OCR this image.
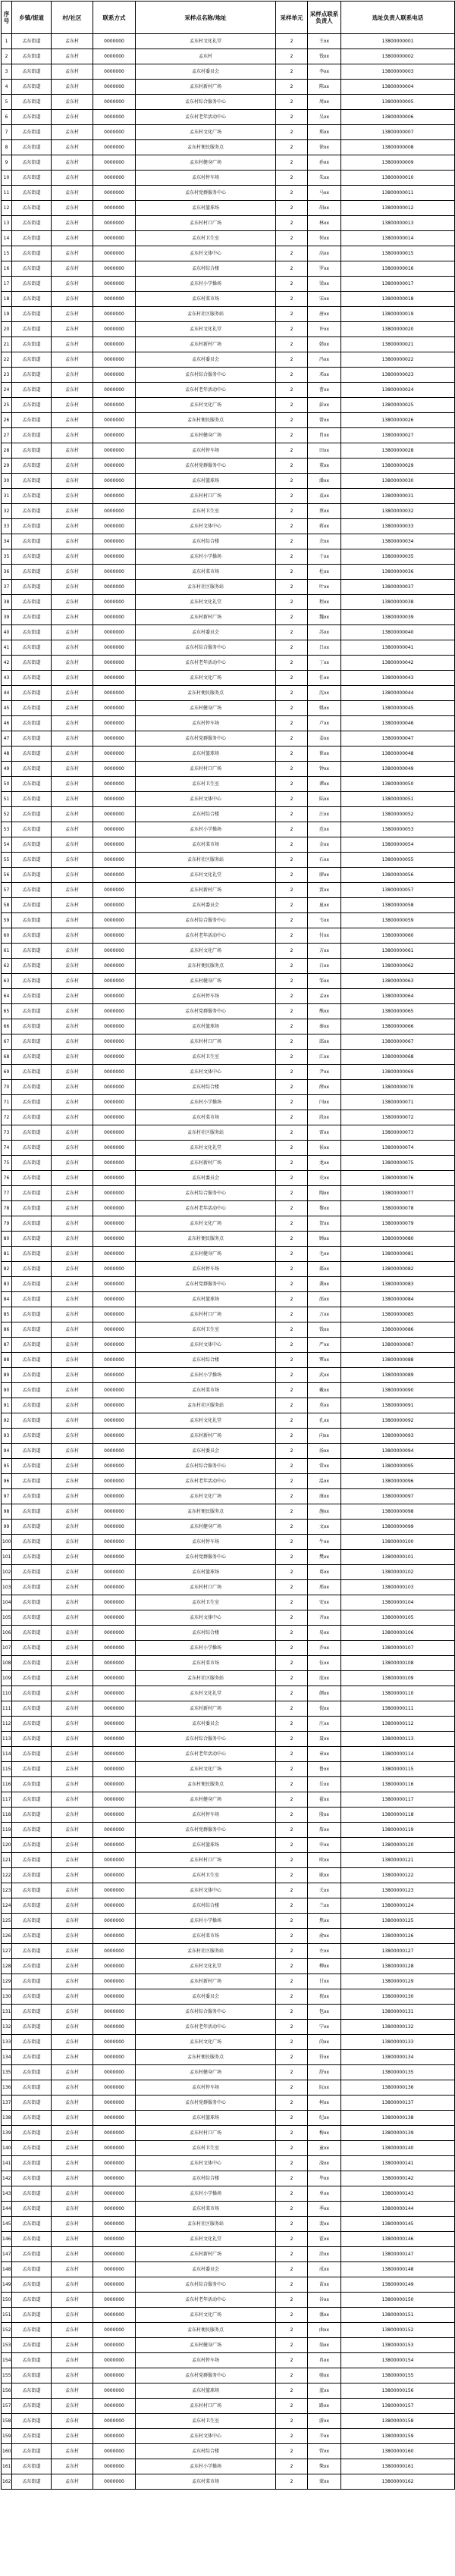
序号	乡镇/街道	村/社区	联系方式	采样点名称/地址	采样单元	采样点联系负责人	选址负责人联系电话
1	孟东街道	孟东村	0000000	孟东村文化礼堂	2	王xx	13800000001
2	孟东街道	孟东村	0000000	孟东村	2	钱xx	13800000002
3	孟东街道	孟东村	0000000	孟东村委员会	2	李xx	13800000003
4	孟东街道	孟东村	0000000	孟东村新村广场	2	陈xx	13800000004
5	孟东街道	孟东村	0000000	孟东村综合服务中心	2	周xx	13800000005
6	孟东街道	孟东村	0000000	孟东村老年活动中心	2	吴xx	13800000006
7	孟东街道	孟东村	0000000	孟东村文化广场	2	郑xx	13800000007
8	孟东街道	孟东村	0000000	孟东村便民服务点	2	徐xx	13800000008
9	孟东街道	孟东村	0000000	孟东村健身广场	2	孙xx	13800000009
10	孟东街道	孟东村	0000000	孟东村停车场	2	朱xx	13800000010
11	孟东街道	孟东村	0000000	孟东村党群服务中心	2	马xx	13800000011
12	孟东街道	孟东村	0000000	孟东村篮球场	2	胡xx	13800000012
13	孟东街道	孟东村	0000000	孟东村村口广场	2	林xx	13800000013
14	孟东街道	孟东村	0000000	孟东村卫生室	2	何xx	13800000014
15	孟东街道	孟东村	0000000	孟东村文体中心	2	高xx	13800000015
16	孟东街道	孟东村	0000000	孟东村综合楼	2	罗xx	13800000016
17	孟东街道	孟东村	0000000	孟东村小学操场	2	梁xx	13800000017
18	孟东街道	孟东村	0000000	孟东村菜市场	2	宋xx	13800000018
19	孟东街道	孟东村	0000000	孟东村社区服务站	2	唐xx	13800000019
20	孟东街道	孟东村	0000000	孟东村文化礼堂	2	许xx	13800000020
21	孟东街道	孟东村	0000000	孟东村新村广场	2	韩xx	13800000021
22	孟东街道	孟东村	0000000	孟东村委员会	2	冯xx	13800000022
23	孟东街道	孟东村	0000000	孟东村综合服务中心	2	邓xx	13800000023
24	孟东街道	孟东村	0000000	孟东村老年活动中心	2	曹xx	13800000024
25	孟东街道	孟东村	0000000	孟东村文化广场	2	彭xx	13800000025
26	孟东街道	孟东村	0000000	孟东村便民服务点	2	曾xx	13800000026
27	孟东街道	孟东村	0000000	孟东村健身广场	2	肖xx	13800000027
28	孟东街道	孟东村	0000000	孟东村停车场	2	田xx	13800000028
29	孟东街道	孟东村	0000000	孟东村党群服务中心	2	董xx	13800000029
30	孟东街道	孟东村	0000000	孟东村篮球场	2	潘xx	13800000030
31	孟东街道	孟东村	0000000	孟东村村口广场	2	袁xx	13800000031
32	孟东街道	孟东村	0000000	孟东村卫生室	2	蔡xx	13800000032
33	孟东街道	孟东村	0000000	孟东村文体中心	2	蒋xx	13800000033
34	孟东街道	孟东村	0000000	孟东村综合楼	2	余xx	13800000034
35	孟东街道	孟东村	0000000	孟东村小学操场	2	于xx	13800000035
36	孟东街道	孟东村	0000000	孟东村菜市场	2	杜xx	13800000036
37	孟东街道	孟东村	0000000	孟东村社区服务站	2	叶xx	13800000037
38	孟东街道	孟东村	0000000	孟东村文化礼堂	2	程xx	13800000038
39	孟东街道	孟东村	0000000	孟东村新村广场	2	魏xx	13800000039
40	孟东街道	孟东村	0000000	孟东村委员会	2	苏xx	13800000040
41	孟东街道	孟东村	0000000	孟东村综合服务中心	2	吕xx	13800000041
42	孟东街道	孟东村	0000000	孟东村老年活动中心	2	丁xx	13800000042
43	孟东街道	孟东村	0000000	孟东村文化广场	2	任xx	13800000043
44	孟东街道	孟东村	0000000	孟东村便民服务点	2	沈xx	13800000044
45	孟东街道	孟东村	0000000	孟东村健身广场	2	姚xx	13800000045
46	孟东街道	孟东村	0000000	孟东村停车场	2	卢xx	13800000046
47	孟东街道	孟东村	0000000	孟东村党群服务中心	2	姜xx	13800000047
48	孟东街道	孟东村	0000000	孟东村篮球场	2	崔xx	13800000048
49	孟东街道	孟东村	0000000	孟东村村口广场	2	钟xx	13800000049
50	孟东街道	孟东村	0000000	孟东村卫生室	2	谭xx	13800000050
51	孟东街道	孟东村	0000000	孟东村文体中心	2	陆xx	13800000051
52	孟东街道	孟东村	0000000	孟东村综合楼	2	汪xx	13800000052
53	孟东街道	孟东村	0000000	孟东村小学操场	2	范xx	13800000053
54	孟东街道	孟东村	0000000	孟东村菜市场	2	金xx	13800000054
55	孟东街道	孟东村	0000000	孟东村社区服务站	2	石xx	13800000055
56	孟东街道	孟东村	0000000	孟东村文化礼堂	2	廖xx	13800000056
57	孟东街道	孟东村	0000000	孟东村新村广场	2	贾xx	13800000057
58	孟东街道	孟东村	0000000	孟东村委员会	2	夏xx	13800000058
59	孟东街道	孟东村	0000000	孟东村综合服务中心	2	韦xx	13800000059
60	孟东街道	孟东村	0000000	孟东村老年活动中心	2	付xx	13800000060
61	孟东街道	孟东村	0000000	孟东村文化广场	2	方xx	13800000061
62	孟东街道	孟东村	0000000	孟东村便民服务点	2	白xx	13800000062
63	孟东街道	孟东村	0000000	孟东村健身广场	2	邹xx	13800000063
64	孟东街道	孟东村	0000000	孟东村停车场	2	孟xx	13800000064
65	孟东街道	孟东村	0000000	孟东村党群服务中心	2	熊xx	13800000065
66	孟东街道	孟东村	0000000	孟东村篮球场	2	秦xx	13800000066
67	孟东街道	孟东村	0000000	孟东村村口广场	2	邱xx	13800000067
68	孟东街道	孟东村	0000000	孟东村卫生室	2	江xx	13800000068
69	孟东街道	孟东村	0000000	孟东村文体中心	2	尹xx	13800000069
70	孟东街道	孟东村	0000000	孟东村综合楼	2	薛xx	13800000070
71	孟东街道	孟东村	0000000	孟东村小学操场	2	闫xx	13800000071
72	孟东街道	孟东村	0000000	孟东村菜市场	2	段xx	13800000072
73	孟东街道	孟东村	0000000	孟东村社区服务站	2	雷xx	13800000073
74	孟东街道	孟东村	0000000	孟东村文化礼堂	2	侯xx	13800000074
75	孟东街道	孟东村	0000000	孟东村新村广场	2	龙xx	13800000075
76	孟东街道	孟东村	0000000	孟东村委员会	2	史xx	13800000076
77	孟东街道	孟东村	0000000	孟东村综合服务中心	2	陶xx	13800000077
78	孟东街道	孟东村	0000000	孟东村老年活动中心	2	黎xx	13800000078
79	孟东街道	孟东村	0000000	孟东村文化广场	2	贺xx	13800000079
80	孟东街道	孟东村	0000000	孟东村便民服务点	2	顾xx	13800000080
81	孟东街道	孟东村	0000000	孟东村健身广场	2	毛xx	13800000081
82	孟东街道	孟东村	0000000	孟东村停车场	2	郝xx	13800000082
83	孟东街道	孟东村	0000000	孟东村党群服务中心	2	龚xx	13800000083
84	孟东街道	孟东村	0000000	孟东村篮球场	2	邵xx	13800000084
85	孟东街道	孟东村	0000000	孟东村村口广场	2	万xx	13800000085
86	孟东街道	孟东村	0000000	孟东村卫生室	2	钱xx	13800000086
87	孟东街道	孟东村	0000000	孟东村文体中心	2	严xx	13800000087
88	孟东街道	孟东村	0000000	孟东村综合楼	2	覃xx	13800000088
89	孟东街道	孟东村	0000000	孟东村小学操场	2	武xx	13800000089
90	孟东街道	孟东村	0000000	孟东村菜市场	2	戴xx	13800000090
91	孟东街道	孟东村	0000000	孟东村社区服务站	2	莫xx	13800000091
92	孟东街道	孟东村	0000000	孟东村文化礼堂	2	孔xx	13800000092
93	孟东街道	孟东村	0000000	孟东村新村广场	2	向xx	13800000093
94	孟东街道	孟东村	0000000	孟东村委员会	2	汤xx	13800000094
95	孟东街道	孟东村	0000000	孟东村综合服务中心	2	常xx	13800000095
96	孟东街道	孟东村	0000000	孟东村老年活动中心	2	温xx	13800000096
97	孟东街道	孟东村	0000000	孟东村文化广场	2	康xx	13800000097
98	孟东街道	孟东村	0000000	孟东村便民服务点	2	施xx	13800000098
99	孟东街道	孟东村	0000000	孟东村健身广场	2	文xx	13800000099
100	孟东街道	孟东村	0000000	孟东村停车场	2	牛xx	13800000100
101	孟东街道	孟东村	0000000	孟东村党群服务中心	2	樊xx	13800000101
102	孟东街道	孟东村	0000000	孟东村篮球场	2	葛xx	13800000102
103	孟东街道	孟东村	0000000	孟东村村口广场	2	邢xx	13800000103
104	孟东街道	孟东村	0000000	孟东村卫生室	2	安xx	13800000104
105	孟东街道	孟东村	0000000	孟东村文体中心	2	齐xx	13800000105
106	孟东街道	孟东村	0000000	孟东村综合楼	2	易xx	13800000106
107	孟东街道	孟东村	0000000	孟东村小学操场	2	乔xx	13800000107
108	孟东街道	孟东村	0000000	孟东村菜市场	2	伍xx	13800000108
109	孟东街道	孟东村	0000000	孟东村社区服务站	2	庞xx	13800000109
110	孟东街道	孟东村	0000000	孟东村文化礼堂	2	颜xx	13800000110
111	孟东街道	孟东村	0000000	孟东村新村广场	2	倪xx	13800000111
112	孟东街道	孟东村	0000000	孟东村委员会	2	庄xx	13800000112
113	孟东街道	孟东村	0000000	孟东村综合服务中心	2	聂xx	13800000113
114	孟东街道	孟东村	0000000	孟东村老年活动中心	2	章xx	13800000114
115	孟东街道	孟东村	0000000	孟东村文化广场	2	鲁xx	13800000115
116	孟东街道	孟东村	0000000	孟东村便民服务点	2	岳xx	13800000116
117	孟东街道	孟东村	0000000	孟东村健身广场	2	翟xx	13800000117
118	孟东街道	孟东村	0000000	孟东村停车场	2	殷xx	13800000118
119	孟东街道	孟东村	0000000	孟东村党群服务中心	2	詹xx	13800000119
120	孟东街道	孟东村	0000000	孟东村篮球场	2	申xx	13800000120
121	孟东街道	孟东村	0000000	孟东村村口广场	2	欧xx	13800000121
122	孟东街道	孟东村	0000000	孟东村卫生室	2	耿xx	13800000122
123	孟东街道	孟东村	0000000	孟东村文体中心	2	关xx	13800000123
124	孟东街道	孟东村	0000000	孟东村综合楼	2	兰xx	13800000124
125	孟东街道	孟东村	0000000	孟东村小学操场	2	焦xx	13800000125
126	孟东街道	孟东村	0000000	孟东村菜市场	2	俞xx	13800000126
127	孟东街道	孟东村	0000000	孟东村社区服务站	2	左xx	13800000127
128	孟东街道	孟东村	0000000	孟东村文化礼堂	2	柳xx	13800000128
129	孟东街道	孟东村	0000000	孟东村新村广场	2	甘xx	13800000129
130	孟东街道	孟东村	0000000	孟东村委员会	2	祝xx	13800000130
131	孟东街道	孟东村	0000000	孟东村综合服务中心	2	包xx	13800000131
132	孟东街道	孟东村	0000000	孟东村老年活动中心	2	宁xx	13800000132
133	孟东街道	孟东村	0000000	孟东村文化广场	2	尚xx	13800000133
134	孟东街道	孟东村	0000000	孟东村便民服务点	2	符xx	13800000134
135	孟东街道	孟东村	0000000	孟东村健身广场	2	舒xx	13800000135
136	孟东街道	孟东村	0000000	孟东村停车场	2	阮xx	13800000136
137	孟东街道	孟东村	0000000	孟东村党群服务中心	2	柯xx	13800000137
138	孟东街道	孟东村	0000000	孟东村篮球场	2	纪xx	13800000138
139	孟东街道	孟东村	0000000	孟东村村口广场	2	梅xx	13800000139
140	孟东街道	孟东村	0000000	孟东村卫生室	2	童xx	13800000140
141	孟东街道	孟东村	0000000	孟东村文体中心	2	凌xx	13800000141
142	孟东街道	孟东村	0000000	孟东村综合楼	2	毕xx	13800000142
143	孟东街道	孟东村	0000000	孟东村小学操场	2	单xx	13800000143
144	孟东街道	孟东村	0000000	孟东村菜市场	2	季xx	13800000144
145	孟东街道	孟东村	0000000	孟东村社区服务站	2	裴xx	13800000145
146	孟东街道	孟东村	0000000	孟东村文化礼堂	2	霍xx	13800000146
147	孟东街道	孟东村	0000000	孟东村新村广场	2	涂xx	13800000147
148	孟东街道	孟东村	0000000	孟东村委员会	2	成xx	13800000148
149	孟东街道	孟东村	0000000	孟东村综合服务中心	2	苗xx	13800000149
150	孟东街道	孟东村	0000000	孟东村老年活动中心	2	谷xx	13800000150
151	孟东街道	孟东村	0000000	孟东村文化广场	2	盛xx	13800000151
152	孟东街道	孟东村	0000000	孟东村便民服务点	2	曲xx	13800000152
153	孟东街道	孟东村	0000000	孟东村健身广场	2	翁xx	13800000153
154	孟东街道	孟东村	0000000	孟东村停车场	2	冉xx	13800000154
155	孟东街道	孟东村	0000000	孟东村党群服务中心	2	骆xx	13800000155
156	孟东街道	孟东村	0000000	孟东村篮球场	2	蓝xx	13800000156
157	孟东街道	孟东村	0000000	孟东村村口广场	2	路xx	13800000157
158	孟东街道	孟东村	0000000	孟东村卫生室	2	游xx	13800000158
159	孟东街道	孟东村	0000000	孟东村文体中心	2	辛xx	13800000159
160	孟东街道	孟东村	0000000	孟东村综合楼	2	管xx	13800000160
161	孟东街道	孟东村	0000000	孟东村小学操场	2	柴xx	13800000161
162	孟东街道	孟东村	0000000	孟东村菜市场	2	蒙xx	13800000162
